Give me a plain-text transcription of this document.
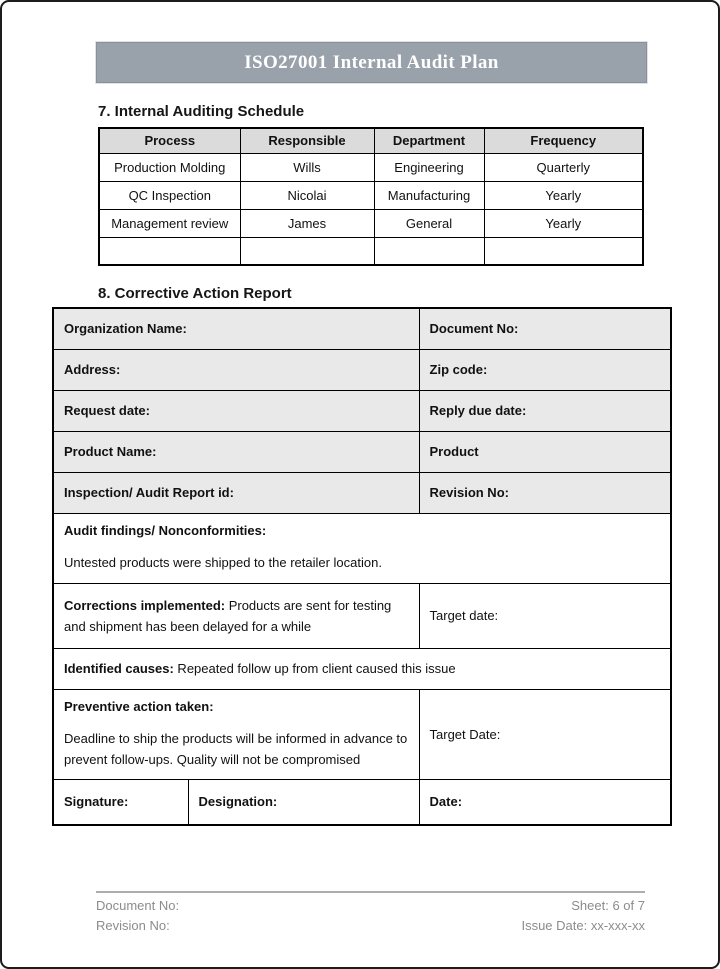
ISO27001 Internal Audit Plan
7. Internal Auditing Schedule
Process	Responsible	Department	Frequency
Production Molding	Wills	Engineering	Quarterly
QC Inspection	Nicolai	Manufacturing	Yearly
Management review	James	General	Yearly

8. Corrective Action Report
Organization Name:		Document No:
Address:		Zip code:
Request date:		Reply due date:
Product Name:		Product
Inspection/ Audit Report id:		Revision No:

Audit findings/ Nonconformities:
Untested products were shipped to the retailer location.		

Corrections implemented: Products are sent for testing and shipment has been delayed for a while		Target date:
Identified causes: Repeated follow up from client caused this issue		

Preventive action taken:
Deadline to ship the products will be informed in advance to prevent follow-ups. Quality will not be compromised		Target Date:
Signature:	Designation:	Date:
Document No:
Revision No:
Sheet: 6 of 7
Issue Date: xx-xxx-xx
